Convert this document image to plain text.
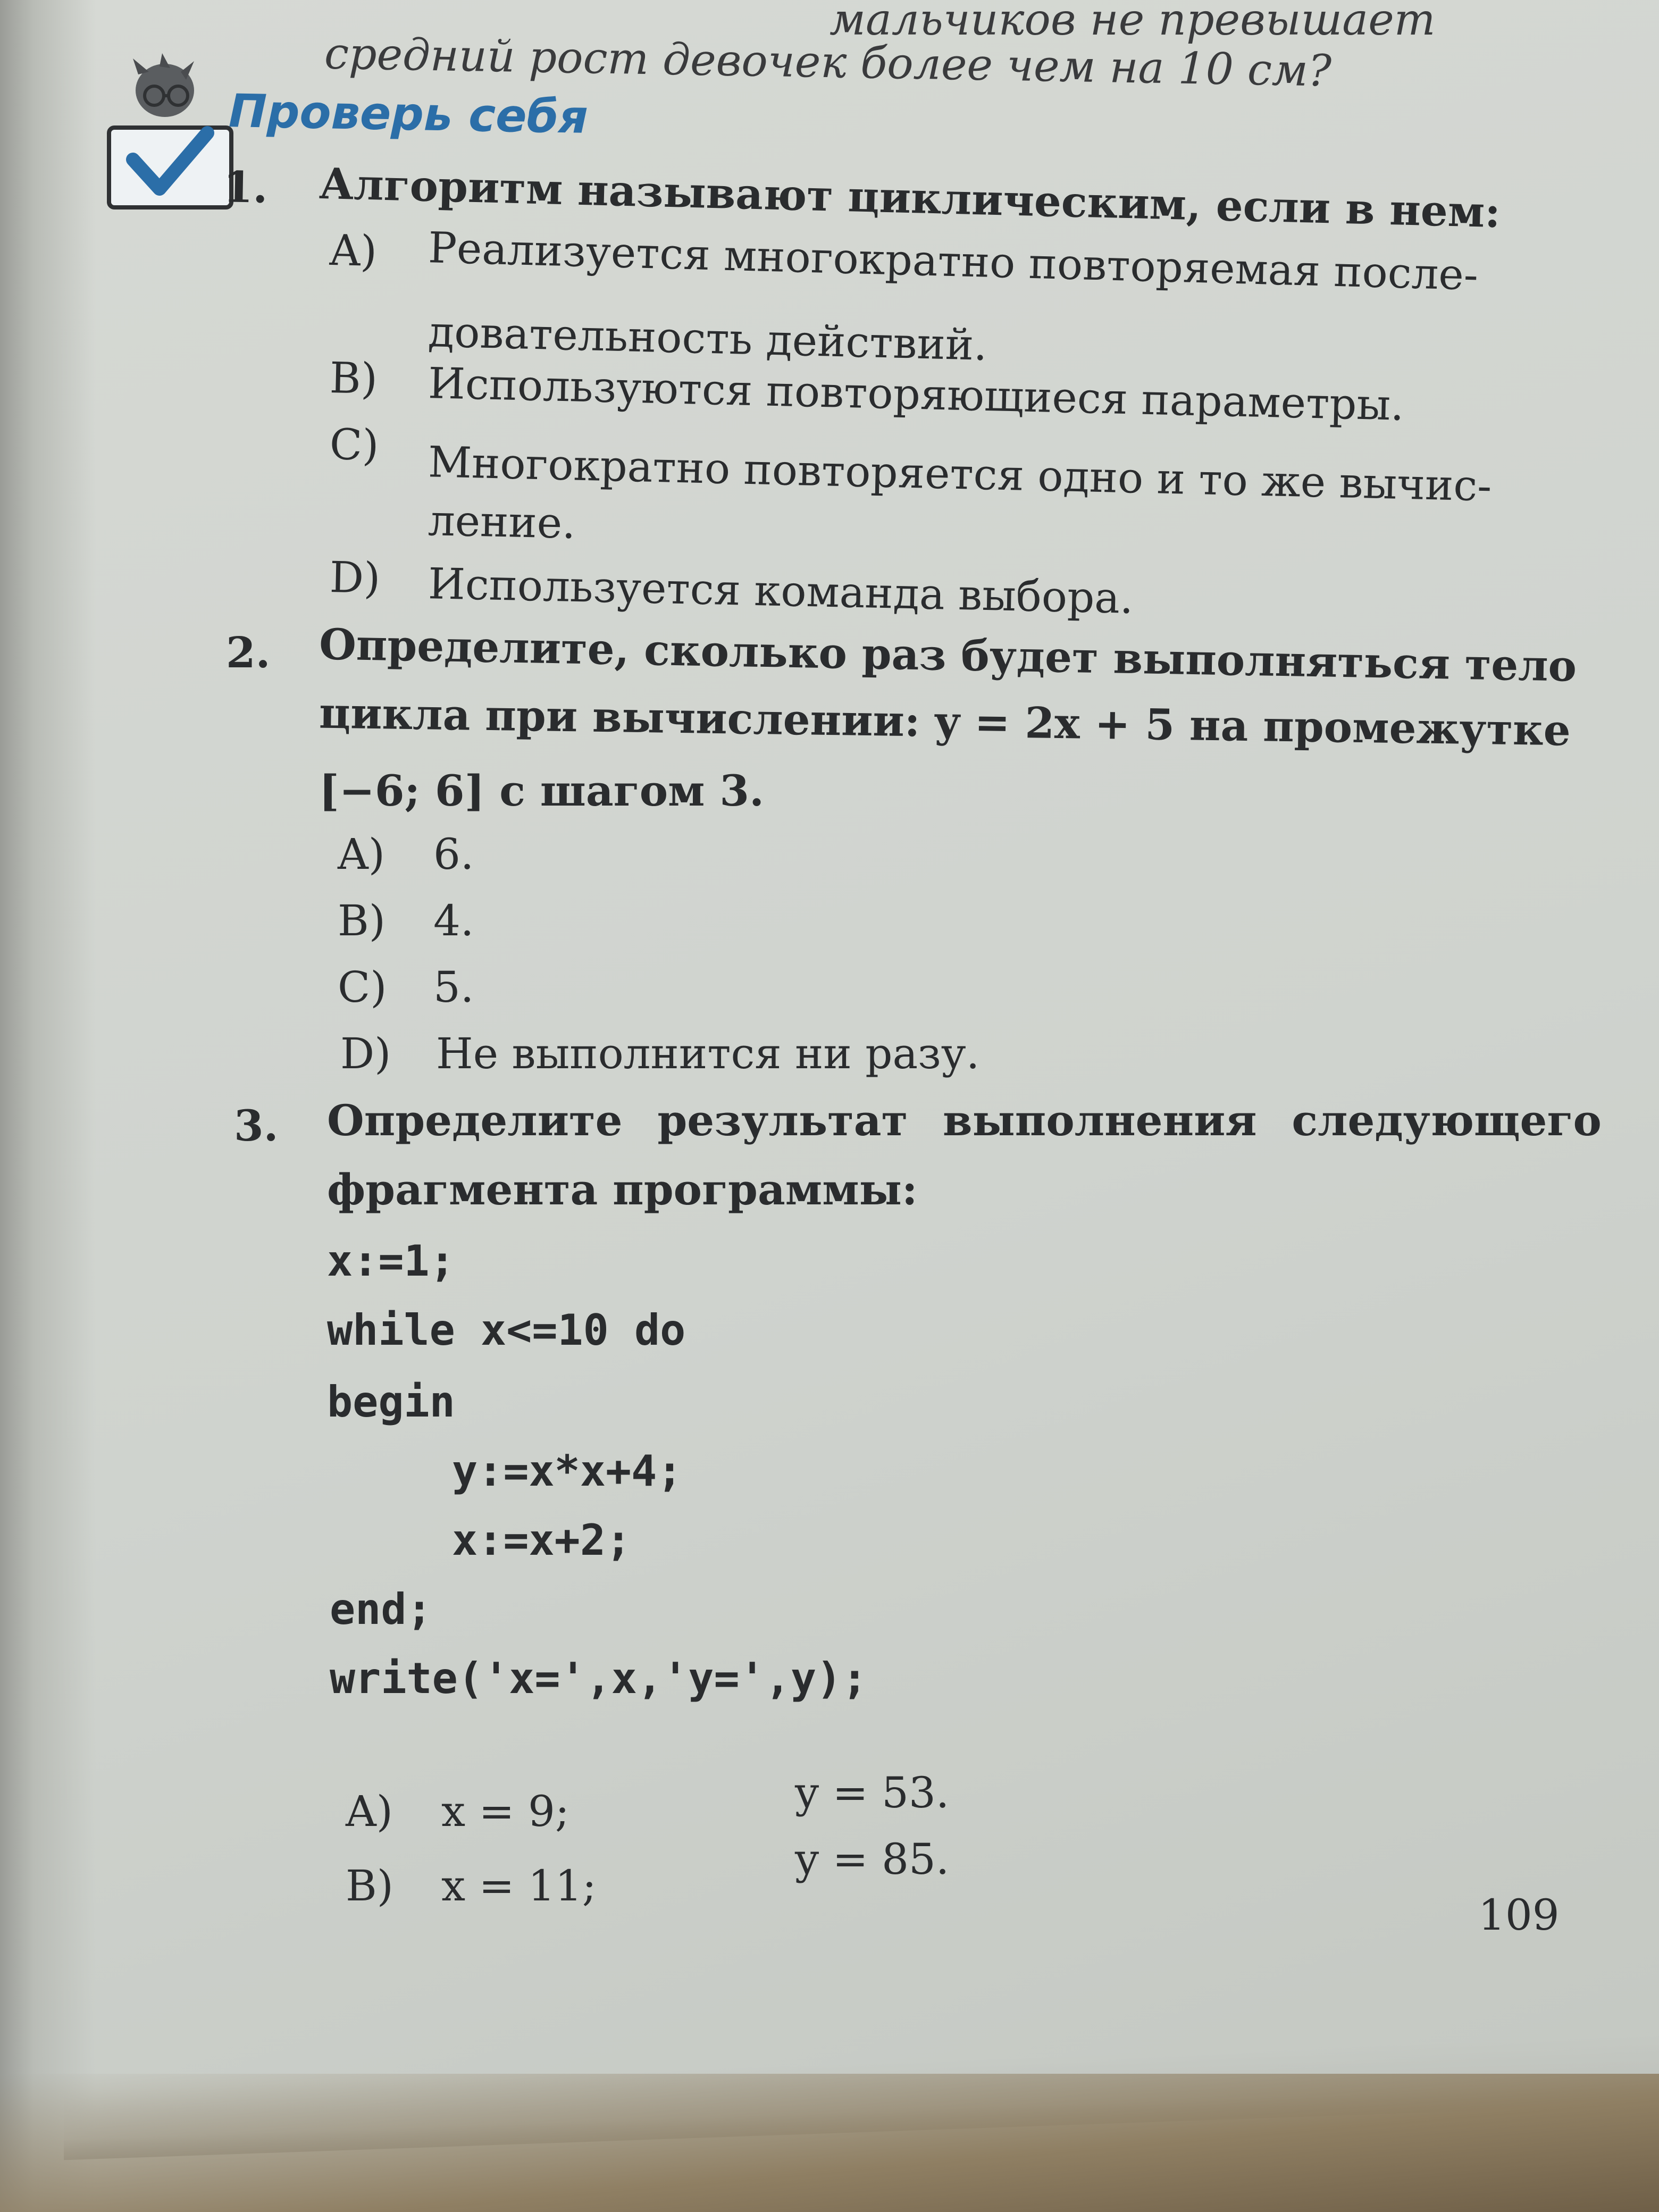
мальчиков не превышает
средний рост девочек более чем на 10 см?
Проверь себя
1. Алгоритм называют циклическим, если в нем:
A) Реализуется многократно повторяемая после-
довательность действий.
B) Используются повторяющиеся параметры.
C) Многократно повторяется одно и то же вычис-
ление.
D) Используется команда выбора.
2. Определите, сколько раз будет выполняться тело
цикла при вычислении: y = 2x + 5 на промежутке
[−6; 6] с шагом 3.
A) 6.
B) 4.
C) 5.
D) Не выполнится ни разу.
3. Определите результат выполнения следующего
фрагмента программы:
x:=1;
while x<=10 do
begin
y:=x*x+4;
x:=x+2;
end;
write('x=',x,'y=',y);
A) x = 9;	y = 53.
B) x = 11;
y = 85.
109
